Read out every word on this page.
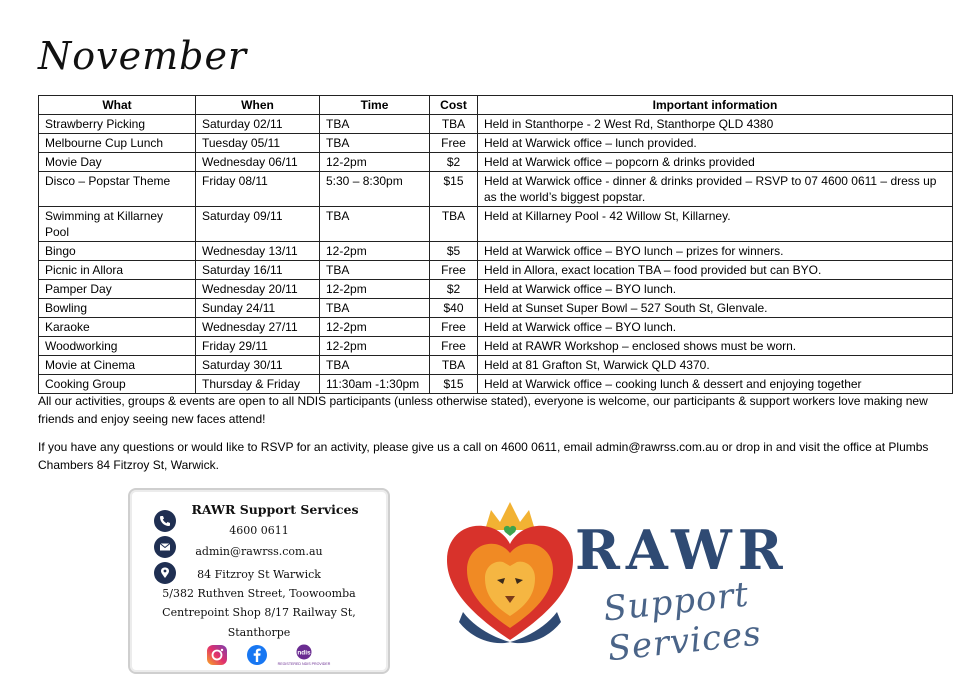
November
What	When	Time	Cost	Important information
Strawberry Picking	Saturday 02/11	TBA	TBA	Held in Stanthorpe - 2 West Rd, Stanthorpe QLD 4380
Melbourne Cup Lunch	Tuesday 05/11	TBA	Free	Held at Warwick office – lunch provided.
Movie Day	Wednesday 06/11	12-2pm	$2	Held at Warwick office – popcorn & drinks provided
Disco – Popstar Theme	Friday 08/11	5:30 – 8:30pm	$15	Held at Warwick office - dinner & drinks provided – RSVP to 07 4600 0611 – dress up as the world’s biggest popstar.
Swimming at Killarney Pool	Saturday 09/11	TBA	TBA	Held at Killarney Pool - 42 Willow St, Killarney.
Bingo	Wednesday 13/11	12-2pm	$5	Held at Warwick office – BYO lunch – prizes for winners.
Picnic in Allora	Saturday 16/11	TBA	Free	Held in Allora, exact location TBA – food provided but can BYO.
Pamper Day	Wednesday 20/11	12-2pm	$2	Held at Warwick office – BYO lunch.
Bowling	Sunday 24/11	TBA	$40	Held at Sunset Super Bowl – 527 South St, Glenvale.
Karaoke	Wednesday 27/11	12-2pm	Free	Held at Warwick office – BYO lunch.
Woodworking	Friday 29/11	12-2pm	Free	Held at RAWR Workshop – enclosed shows must be worn.
Movie at Cinema	Saturday 30/11	TBA	TBA	Held at 81 Grafton St, Warwick QLD 4370.
Cooking Group	Thursday & Friday	11:30am -1:30pm	$15	Held at Warwick office – cooking lunch & dessert and enjoying together

All our activities, groups & events are open to all NDIS participants (unless otherwise stated), everyone is welcome, our participants & support workers love making new friends and enjoy seeing new faces attend!

If you have any questions or would like to RSVP for an activity, please give us a call on 4600 0611, email admin@rawrss.com.au or drop in and visit the office at Plumbs Chambers 84 Fitzroy St, Warwick.

RAWR Support Services
4600 0611
admin@rawrss.com.au
84 Fitzroy St Warwick
5/382 Ruthven Street, Toowoomba
Centrepoint Shop 8/17 Railway St,
Stanthorpe
ndis
REGISTERED NDIS PROVIDER
RAWR
Support Services
